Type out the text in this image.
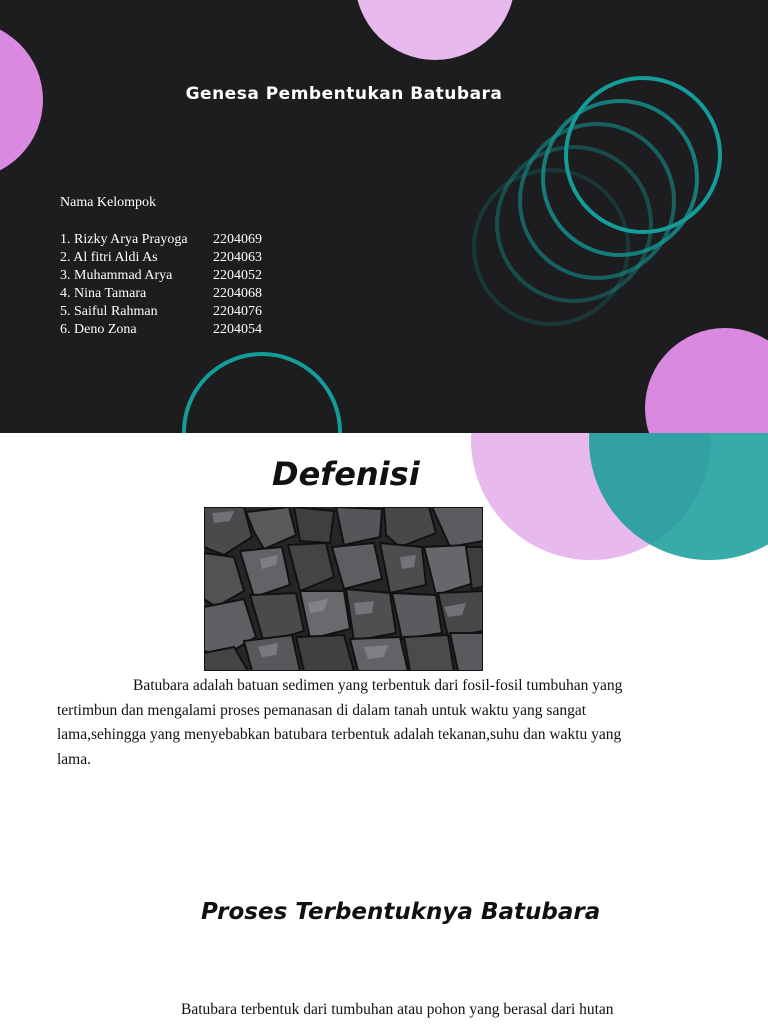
Genesa Pembentukan Batubara
Nama Kelompok
1. Rizky Arya Prayoga 2204069
2. Al fitri Aldi As	2204063
3. Muhammad Arya	2204052
4. Nina Tamara	2204068
5. Saiful Rahman	2204076
6. Deno Zona	2204054
Defenisi

Batubara adalah batuan sedimen yang terbentuk dari fosil-fosil tumbuhan yang tertimbun dan mengalami proses pemanasan di dalam tanah untuk waktu yang sangat lama,sehingga yang menyebabkan batubara terbentuk adalah tekanan,suhu dan waktu yang lama.

Proses Terbentuknya Batubara

Batubara terbentuk dari tumbuhan atau pohon yang berasal dari hutan
